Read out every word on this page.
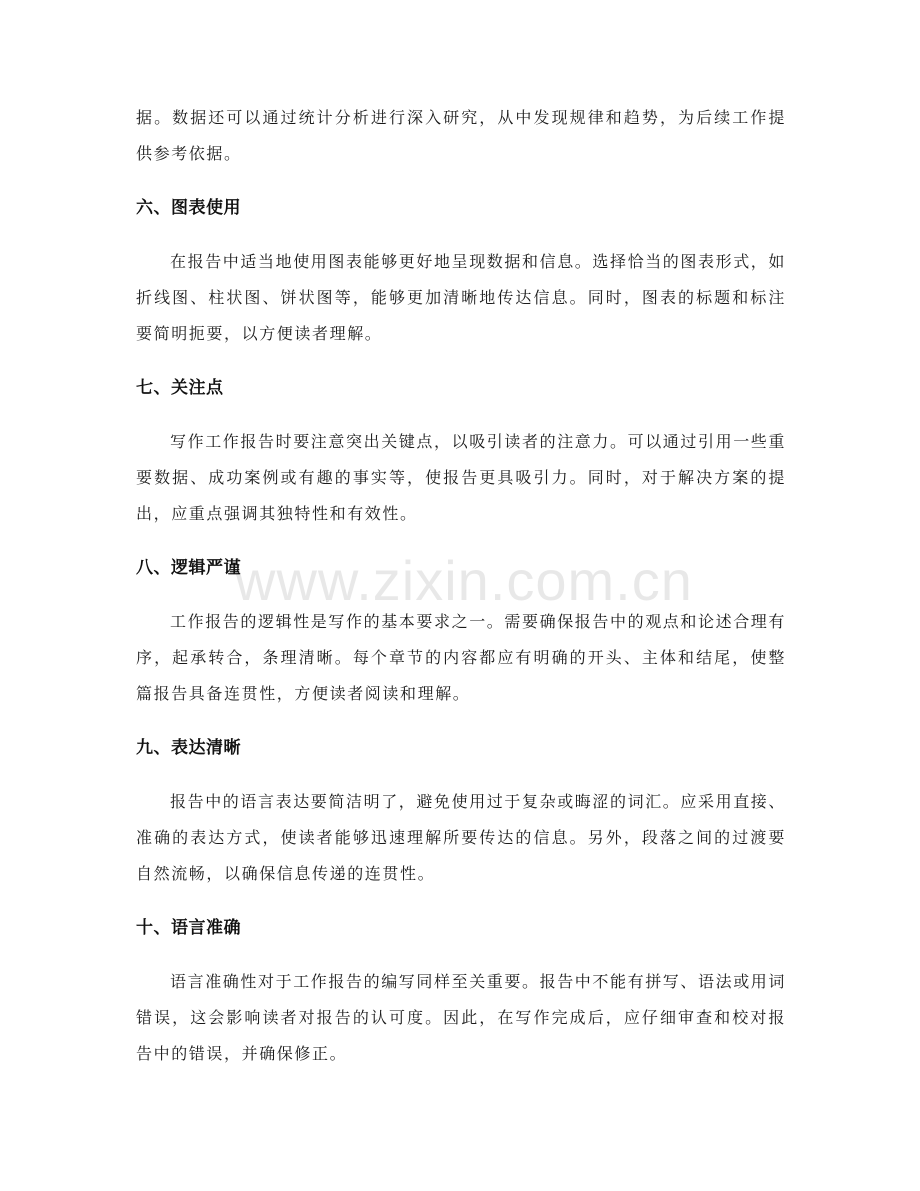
据。数据还可以通过统计分析进行深入研究，从中发现规律和趋势，为后续工作提供参考依据。

六、图表使用

在报告中适当地使用图表能够更好地呈现数据和信息。选择恰当的图表形式，如折线图、柱状图、饼状图等，能够更加清晰地传达信息。同时，图表的标题和标注要简明扼要，以方便读者理解。

七、关注点

写作工作报告时要注意突出关键点，以吸引读者的注意力。可以通过引用一些重要数据、成功案例或有趣的事实等，使报告更具吸引力。同时，对于解决方案的提出，应重点强调其独特性和有效性。

八、逻辑严谨

工作报告的逻辑性是写作的基本要求之一。需要确保报告中的观点和论述合理有序，起承转合，条理清晰。每个章节的内容都应有明确的开头、主体和结尾，使整篇报告具备连贯性，方便读者阅读和理解。

九、表达清晰

报告中的语言表达要简洁明了，避免使用过于复杂或晦涩的词汇。应采用直接、准确的表达方式，使读者能够迅速理解所要传达的信息。另外，段落之间的过渡要自然流畅，以确保信息传递的连贯性。

十、语言准确

语言准确性对于工作报告的编写同样至关重要。报告中不能有拼写、语法或用词错误，这会影响读者对报告的认可度。因此，在写作完成后，应仔细审查和校对报告中的错误，并确保修正。

www.zixin.com.cn
